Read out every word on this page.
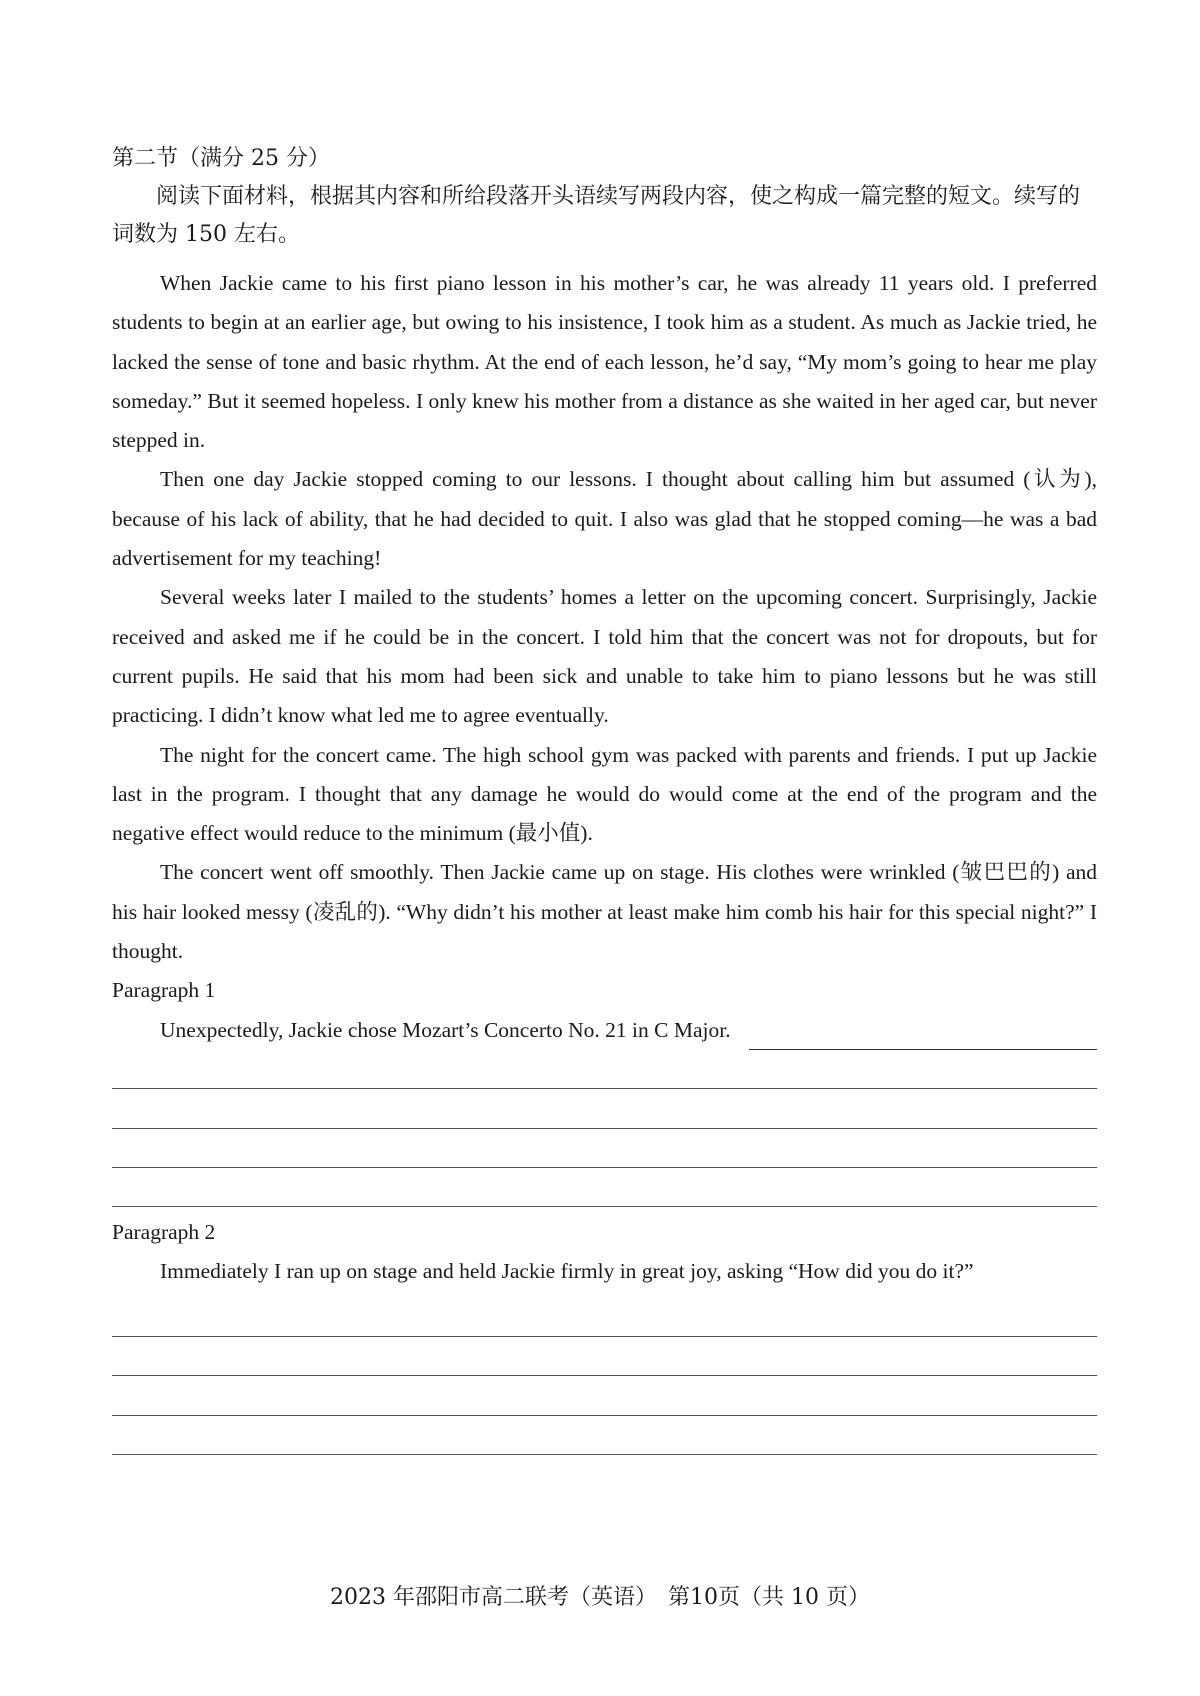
第二节（满分 25 分）

阅读下面材料，根据其内容和所给段落开头语续写两段内容，使之构成一篇完整的短文。续写的词数为 150 左右。

When Jackie came to his first piano lesson in his mother’s car, he was already 11 years old. I preferred students to begin at an earlier age, but owing to his insistence, I took him as a student. As much as Jackie tried, he lacked the sense of tone and basic rhythm. At the end of each lesson, he’d say, “My mom’s going to hear me play someday.” But it seemed hopeless. I only knew his mother from a distance as she waited in her aged car, but never stepped in.

Then one day Jackie stopped coming to our lessons. I thought about calling him but assumed (认为), because of his lack of ability, that he had decided to quit. I also was glad that he stopped coming—he was a bad advertisement for my teaching!

Several weeks later I mailed to the students’ homes a letter on the upcoming concert. Surprisingly, Jackie received and asked me if he could be in the concert. I told him that the concert was not for dropouts, but for current pupils. He said that his mom had been sick and unable to take him to piano lessons but he was still practicing. I didn’t know what led me to agree eventually.

The night for the concert came. The high school gym was packed with parents and friends. I put up Jackie last in the program. I thought that any damage he would do would come at the end of the program and the negative effect would reduce to the minimum (最小值).

The concert went off smoothly. Then Jackie came up on stage. His clothes were wrinkled (皱巴巴的) and his hair looked messy (凌乱的). “Why didn’t his mother at least make him comb his hair for this special night?” I thought.

Paragraph 1

Unexpectedly, Jackie chose Mozart’s Concerto No. 21 in C Major.

Paragraph 2

Immediately I ran up on stage and held Jackie firmly in great joy, asking “How did you do it?”

2023 年邵阳市高二联考（英语）　第10页（共 10 页）
